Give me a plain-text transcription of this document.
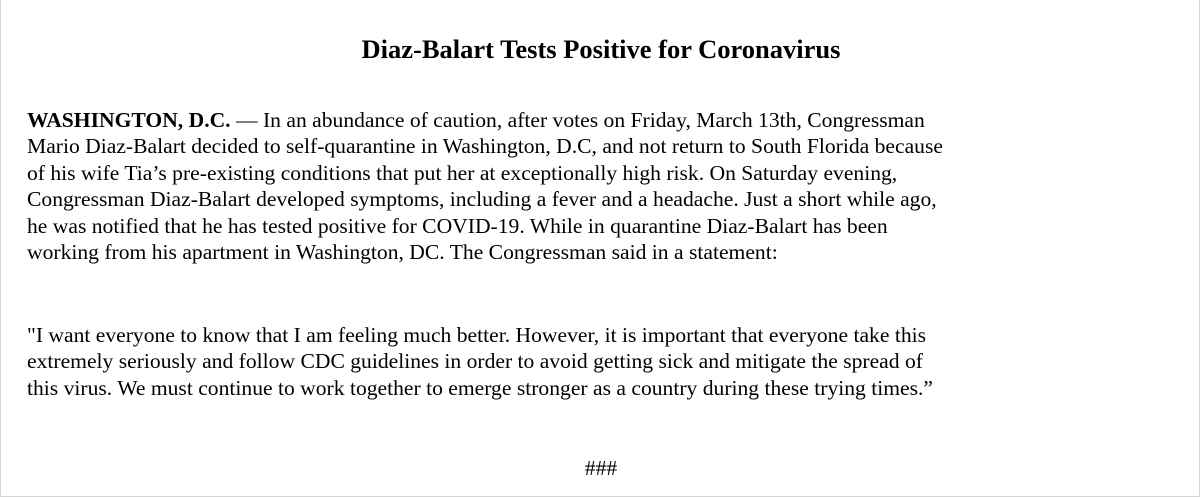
Diaz-Balart Tests Positive for Coronavirus

WASHINGTON, D.C. — In an abundance of caution, after votes on Friday, March 13th, Congressman
Mario Diaz-Balart decided to self-quarantine in Washington, D.C, and not return to South Florida because
of his wife Tia’s pre-existing conditions that put her at exceptionally high risk. On Saturday evening,
Congressman Diaz-Balart developed symptoms, including a fever and a headache. Just a short while ago,
he was notified that he has tested positive for COVID-19. While in quarantine Diaz-Balart has been
working from his apartment in Washington, DC. The Congressman said in a statement:

"I want everyone to know that I am feeling much better. However, it is important that everyone take this
extremely seriously and follow CDC guidelines in order to avoid getting sick and mitigate the spread of
this virus. We must continue to work together to emerge stronger as a country during these trying times.”

###
